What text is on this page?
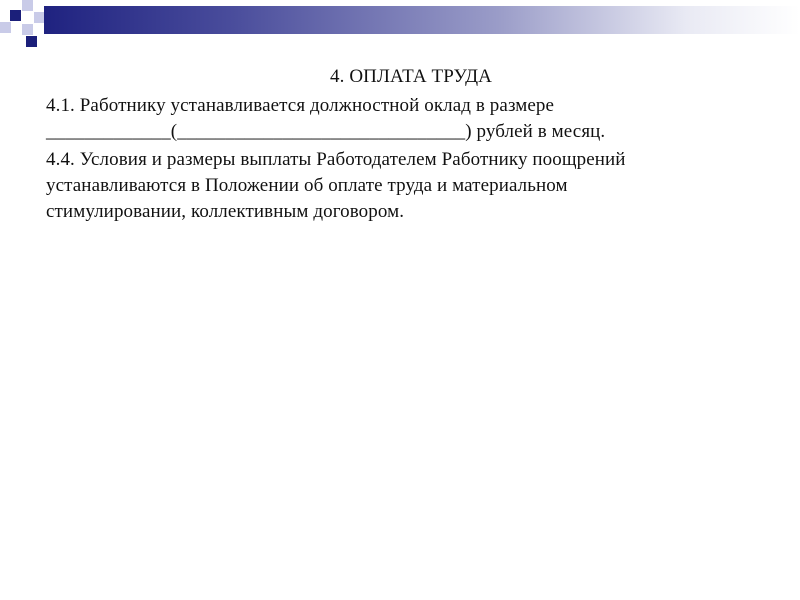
4. ОПЛАТА ТРУДА
4.1. Работнику устанавливается должностной оклад в размере
_____________(______________________________) рублей в месяц.
4.4. Условия и размеры выплаты Работодателем Работнику поощрений
устанавливаются в Положении об оплате труда и материальном
стимулировании, коллективным договором.
